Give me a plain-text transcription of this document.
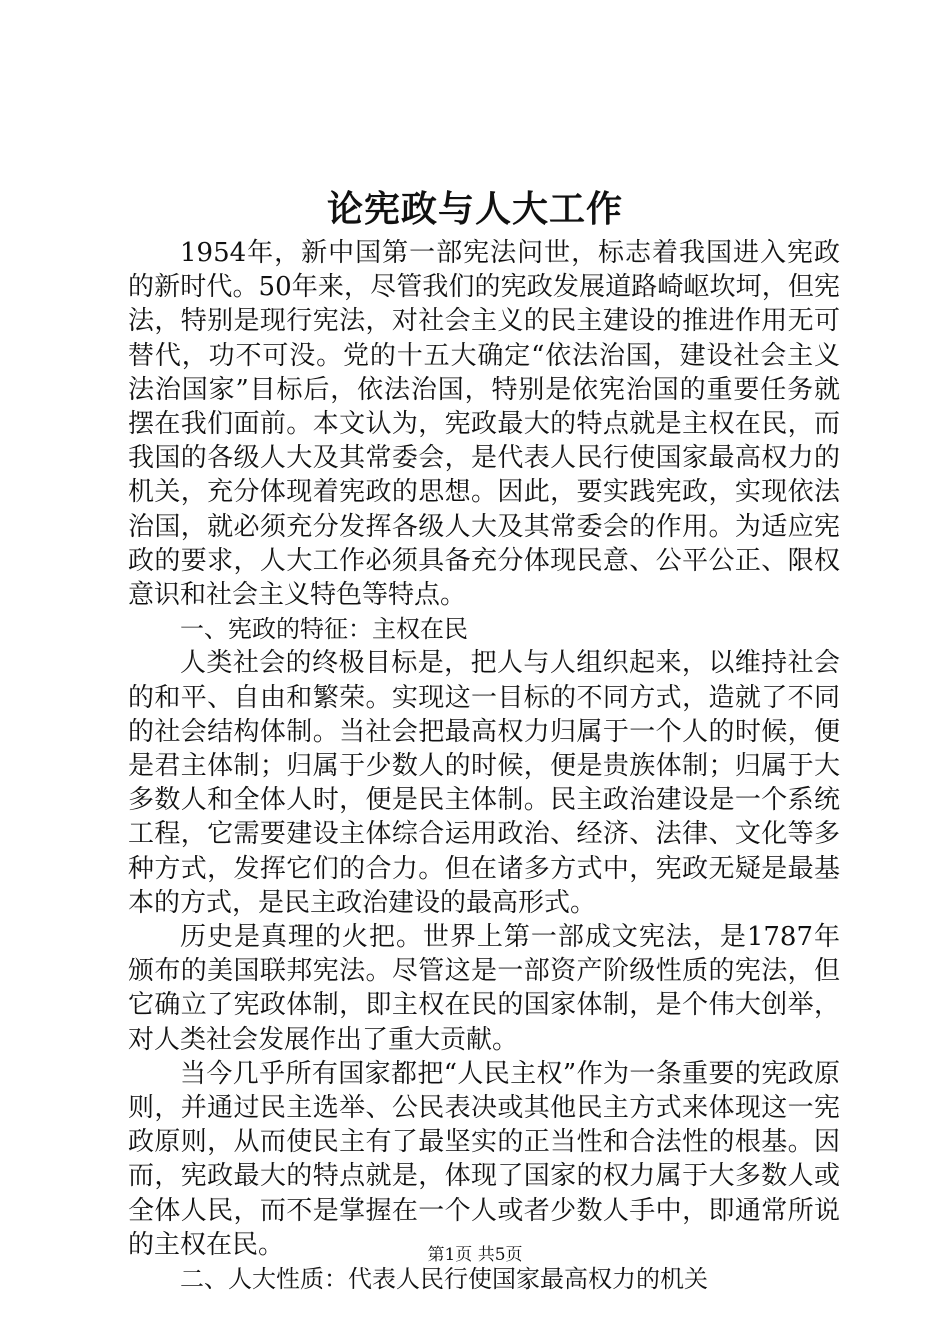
论宪政与人大工作

1954年，新中国第一部宪法问世，标志着我国进入宪政的新时代。50年来，尽管我们的宪政发展道路崎岖坎坷，但宪法，特别是现行宪法，对社会主义的民主建设的推进作用无可替代，功不可没。党的十五大确定“依法治国，建设社会主义法治国家”目标后，依法治国，特别是依宪治国的重要任务就摆在我们面前。本文认为，宪政最大的特点就是主权在民，而我国的各级人大及其常委会，是代表人民行使国家最高权力的机关，充分体现着宪政的思想。因此，要实践宪政，实现依法治国，就必须充分发挥各级人大及其常委会的作用。为适应宪政的要求，人大工作必须具备充分体现民意、公平公正、限权意识和社会主义特色等特点。

一、宪政的特征：主权在民

人类社会的终极目标是，把人与人组织起来，以维持社会的和平、自由和繁荣。实现这一目标的不同方式，造就了不同的社会结构体制。当社会把最高权力归属于一个人的时候，便是君主体制；归属于少数人的时候，便是贵族体制；归属于大多数人和全体人时，便是民主体制。民主政治建设是一个系统工程，它需要建设主体综合运用政治、经济、法律、文化等多种方式，发挥它们的合力。但在诸多方式中，宪政无疑是最基本的方式，是民主政治建设的最高形式。

历史是真理的火把。世界上第一部成文宪法，是1787年颁布的美国联邦宪法。尽管这是一部资产阶级性质的宪法，但它确立了宪政体制，即主权在民的国家体制，是个伟大创举，对人类社会发展作出了重大贡献。

当今几乎所有国家都把“人民主权”作为一条重要的宪政原则，并通过民主选举、公民表决或其他民主方式来体现这一宪政原则，从而使民主有了最坚实的正当性和合法性的根基。因而，宪政最大的特点就是，体现了国家的权力属于大多数人或全体人民，而不是掌握在一个人或者少数人手中，即通常所说的主权在民。

二、人大性质：代表人民行使国家最高权力的机关

第1页 共5页
